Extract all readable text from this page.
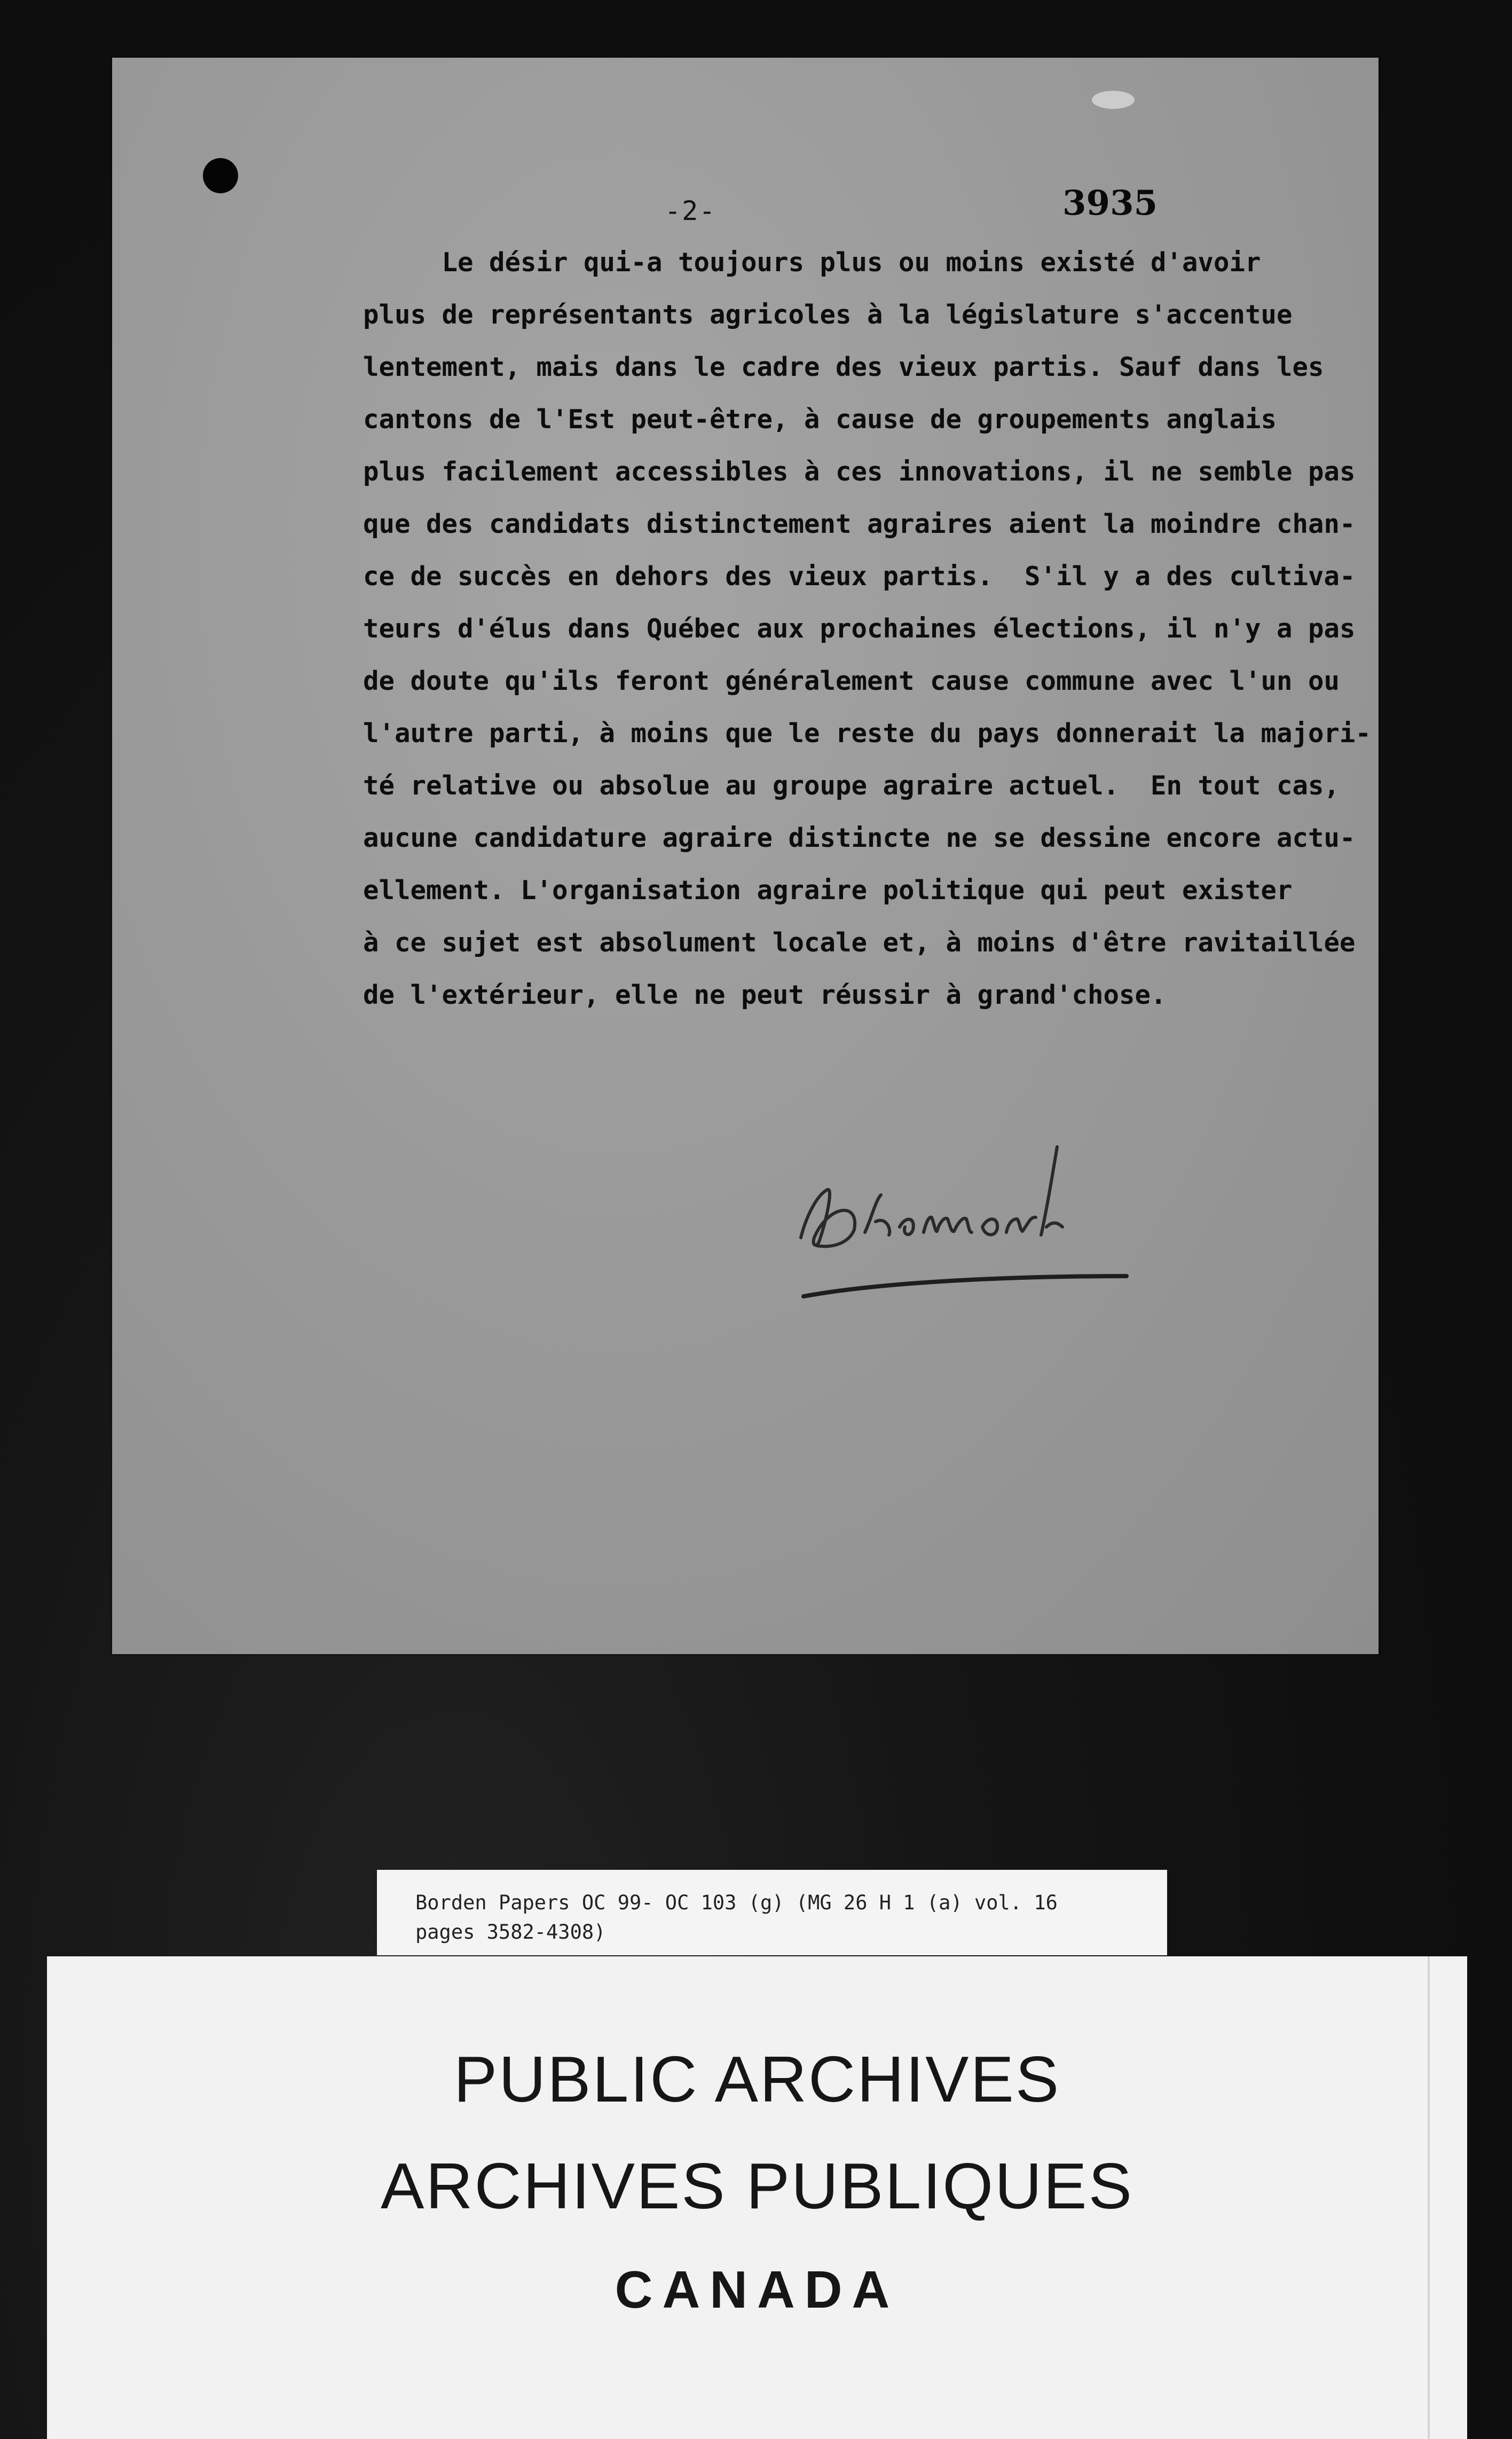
-2-	3935
Le désir qui-a toujours plus ou moins existé d'avoir
plus de représentants agricoles à la législature s'accentue
lentement, mais dans le cadre des vieux partis. Sauf dans les
cantons de l'Est peut-être, à cause de groupements anglais
plus facilement accessibles à ces innovations, il ne semble pas
que des candidats distinctement agraires aient la moindre chan-
ce de succès en dehors des vieux partis.  S'il y a des cultiva-
teurs d'élus dans Québec aux prochaines élections, il n'y a pas
de doute qu'ils feront généralement cause commune avec l'un ou
l'autre parti, à moins que le reste du pays donnerait la majori-
té relative ou absolue au groupe agraire actuel.  En tout cas,
aucune candidature agraire distincte ne se dessine encore actu-
ellement. L'organisation agraire politique qui peut exister
à ce sujet est absolument locale et, à moins d'être ravitaillée
de l'extérieur, elle ne peut réussir à grand'chose.
Borden Papers OC 99- OC 103 (g) (MG 26 H 1 (a) vol. 16
pages 3582-4308)
PUBLIC ARCHIVES
ARCHIVES PUBLIQUES
CANADA
